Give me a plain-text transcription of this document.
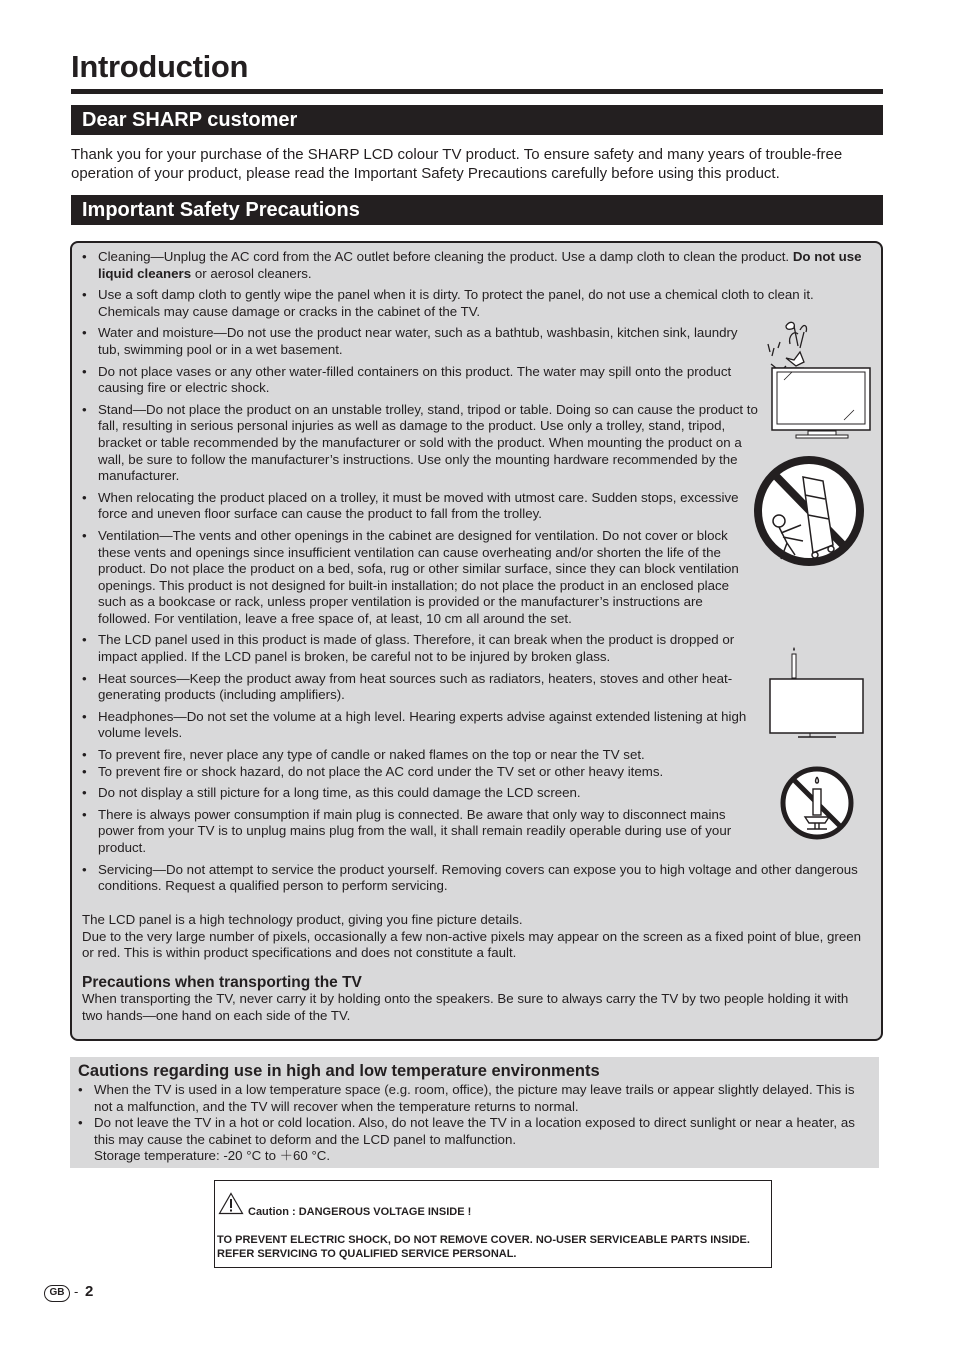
Introduction
Dear SHARP customer

Thank you for your purchase of the SHARP LCD colour TV product. To ensure safety and many years of trouble-free operation of your product, please read the Important Safety Precautions carefully before using this product.

Important Safety Precautions
• Cleaning—Unplug the AC cord from the AC outlet before cleaning the product. Use a damp cloth to clean the product. Do not use liquid cleaners or aerosol cleaners.
• Use a soft damp cloth to gently wipe the panel when it is dirty. To protect the panel, do not use a chemical cloth to clean it. Chemicals may cause damage or cracks in the cabinet of the TV.
• Water and moisture—Do not use the product near water, such as a bathtub, washbasin, kitchen sink, laundry tub, swimming pool or in a wet basement.
• Do not place vases or any other water-filled containers on this product. The water may spill onto the product causing fire or electric shock.
• Stand—Do not place the product on an unstable trolley, stand, tripod or table. Doing so can cause the product to fall, resulting in serious personal injuries as well as damage to the product. Use only a trolley, stand, tripod, bracket or table recommended by the manufacturer or sold with the product. When mounting the product on a wall, be sure to follow the manufacturer’s instructions. Use only the mounting hardware recommended by the manufacturer.
• When relocating the product placed on a trolley, it must be moved with utmost care. Sudden stops, excessive force and uneven floor surface can cause the product to fall from the trolley.
• Ventilation—The vents and other openings in the cabinet are designed for ventilation. Do not cover or block these vents and openings since insufficient ventilation can cause overheating and/or shorten the life of the product. Do not place the product on a bed, sofa, rug or other similar surface, since they can block ventilation openings. This product is not designed for built-in installation; do not place the product in an enclosed place such as a bookcase or rack, unless proper ventilation is provided or the manufacturer’s instructions are followed. For ventilation, leave a free space of, at least, 10 cm all around the set.
• The LCD panel used in this product is made of glass. Therefore, it can break when the product is dropped or impact applied. If the LCD panel is broken, be careful not to be injured by broken glass.
• Heat sources—Keep the product away from heat sources such as radiators, heaters, stoves and other heat-generating products (including amplifiers).
• Headphones—Do not set the volume at a high level. Hearing experts advise against extended listening at high volume levels.
• To prevent fire, never place any type of candle or naked flames on the top or near the TV set.
• To prevent fire or shock hazard, do not place the AC cord under the TV set or other heavy items.
• Do not display a still picture for a long time, as this could damage the LCD screen.
• There is always power consumption if main plug is connected. Be aware that only way to disconnect mains power from your TV is to unplug mains plug from the wall, it shall remain readily operable during use of your product.
• Servicing—Do not attempt to service the product yourself. Removing covers can expose you to high voltage and other dangerous conditions. Request a qualified person to perform servicing.
The LCD panel is a high technology product, giving you fine picture details.
Due to the very large number of pixels, occasionally a few non-active pixels may appear on the screen as a fixed point of blue, green or red. This is within product specifications and does not constitute a fault.
Precautions when transporting the TV

When transporting the TV, never carry it by holding onto the speakers. Be sure to always carry the TV by two people holding it with two hands—one hand on each side of the TV.

Cautions regarding use in high and low temperature environments
• When the TV is used in a low temperature space (e.g. room, office), the picture may leave trails or appear slightly delayed. This is not a malfunction, and the TV will recover when the temperature returns to normal.
• Do not leave the TV in a hot or cold location. Also, do not leave the TV in a location exposed to direct sunlight or near a heater, as this may cause the cabinet to deform and the LCD panel to malfunction.
Storage temperature: -20 °C to ＋60 °C.

Caution : DANGEROUS VOLTAGE INSIDE !

TO PREVENT ELECTRIC SHOCK, DO NOT REMOVE COVER. NO-USER SERVICEABLE PARTS INSIDE. REFER SERVICING TO QUALIFIED SERVICE PERSONAL.

GB - 2
